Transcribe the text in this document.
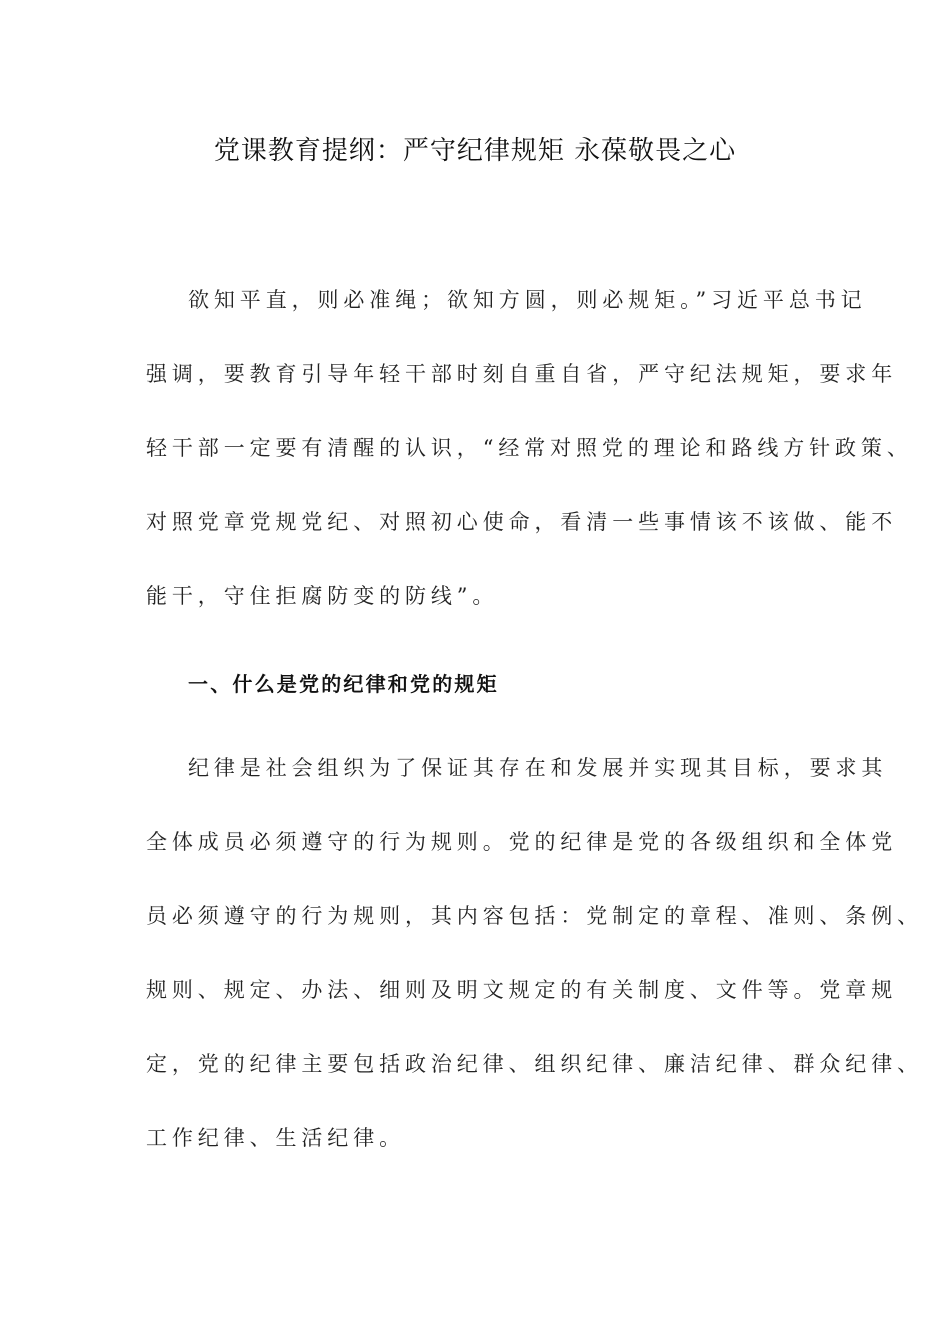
党课教育提纲：严守纪律规矩 永葆敬畏之心
欲知平直，则必准绳；欲知方圆，则必规矩。”习近平总书记
强调，要教育引导年轻干部时刻自重自省，严守纪法规矩，要求年
轻干部一定要有清醒的认识，“经常对照党的理论和路线方针政策、
对照党章党规党纪、对照初心使命，看清一些事情该不该做、能不
能干，守住拒腐防变的防线”。
一、什么是党的纪律和党的规矩
纪律是社会组织为了保证其存在和发展并实现其目标，要求其
全体成员必须遵守的行为规则。党的纪律是党的各级组织和全体党
员必须遵守的行为规则，其内容包括：党制定的章程、准则、条例、
规则、规定、办法、细则及明文规定的有关制度、文件等。党章规
定，党的纪律主要包括政治纪律、组织纪律、廉洁纪律、群众纪律、
工作纪律、生活纪律。
